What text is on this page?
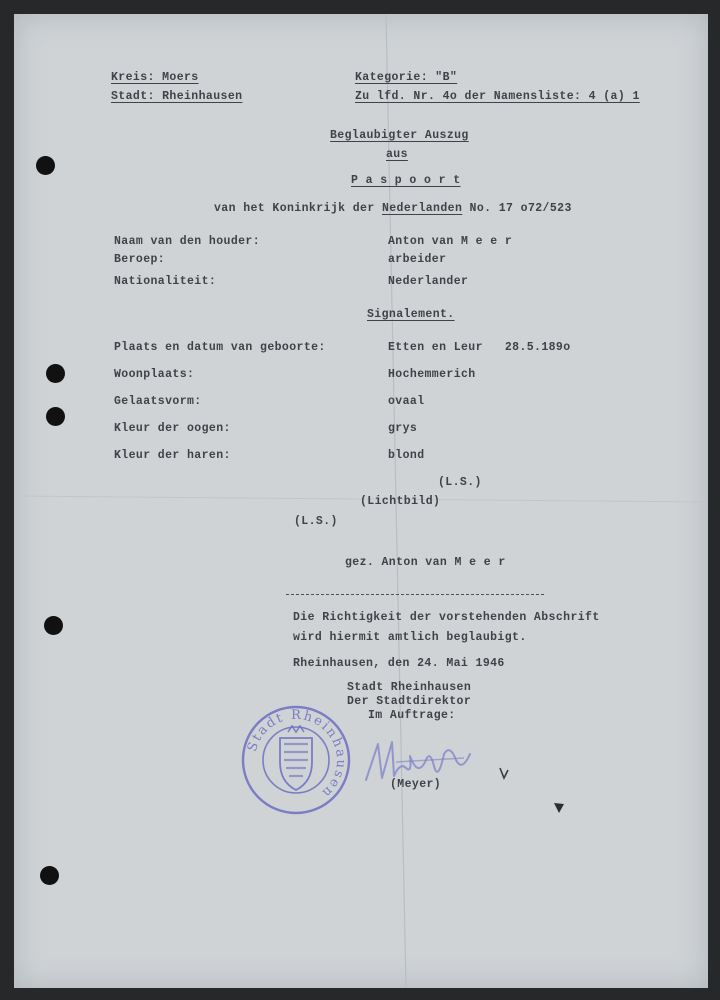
Kreis: Moers
Stadt: Rheinhausen
Kategorie: "B"
Zu lfd. Nr. 4o der Namensliste: 4 (a) 1
Beglaubigter Auszug
aus
P a s p o o r t
van het Koninkrijk der Nederlanden No. 17 o72/523
Naam van den houder:	Anton van M e e r
Beroep:	arbeider
Nationaliteit:	Nederlander
Signalement.
Plaats en datum van geboorte:	Etten en Leur   28.5.189o
Woonplaats:	Hochemmerich
Gelaatsvorm:	ovaal
Kleur der oogen:	grys
Kleur der haren:	blond
(L.S.)
(Lichtbild)
(L.S.)
gez. Anton van M e e r
Die Richtigkeit der vorstehenden Abschrift
wird hiermit amtlich beglaubigt.
Rheinhausen, den 24. Mai 1946
Stadt Rheinhausen
Der Stadtdirektor
Im Auftrage:
(Meyer)
Stadt Rheinhausen
